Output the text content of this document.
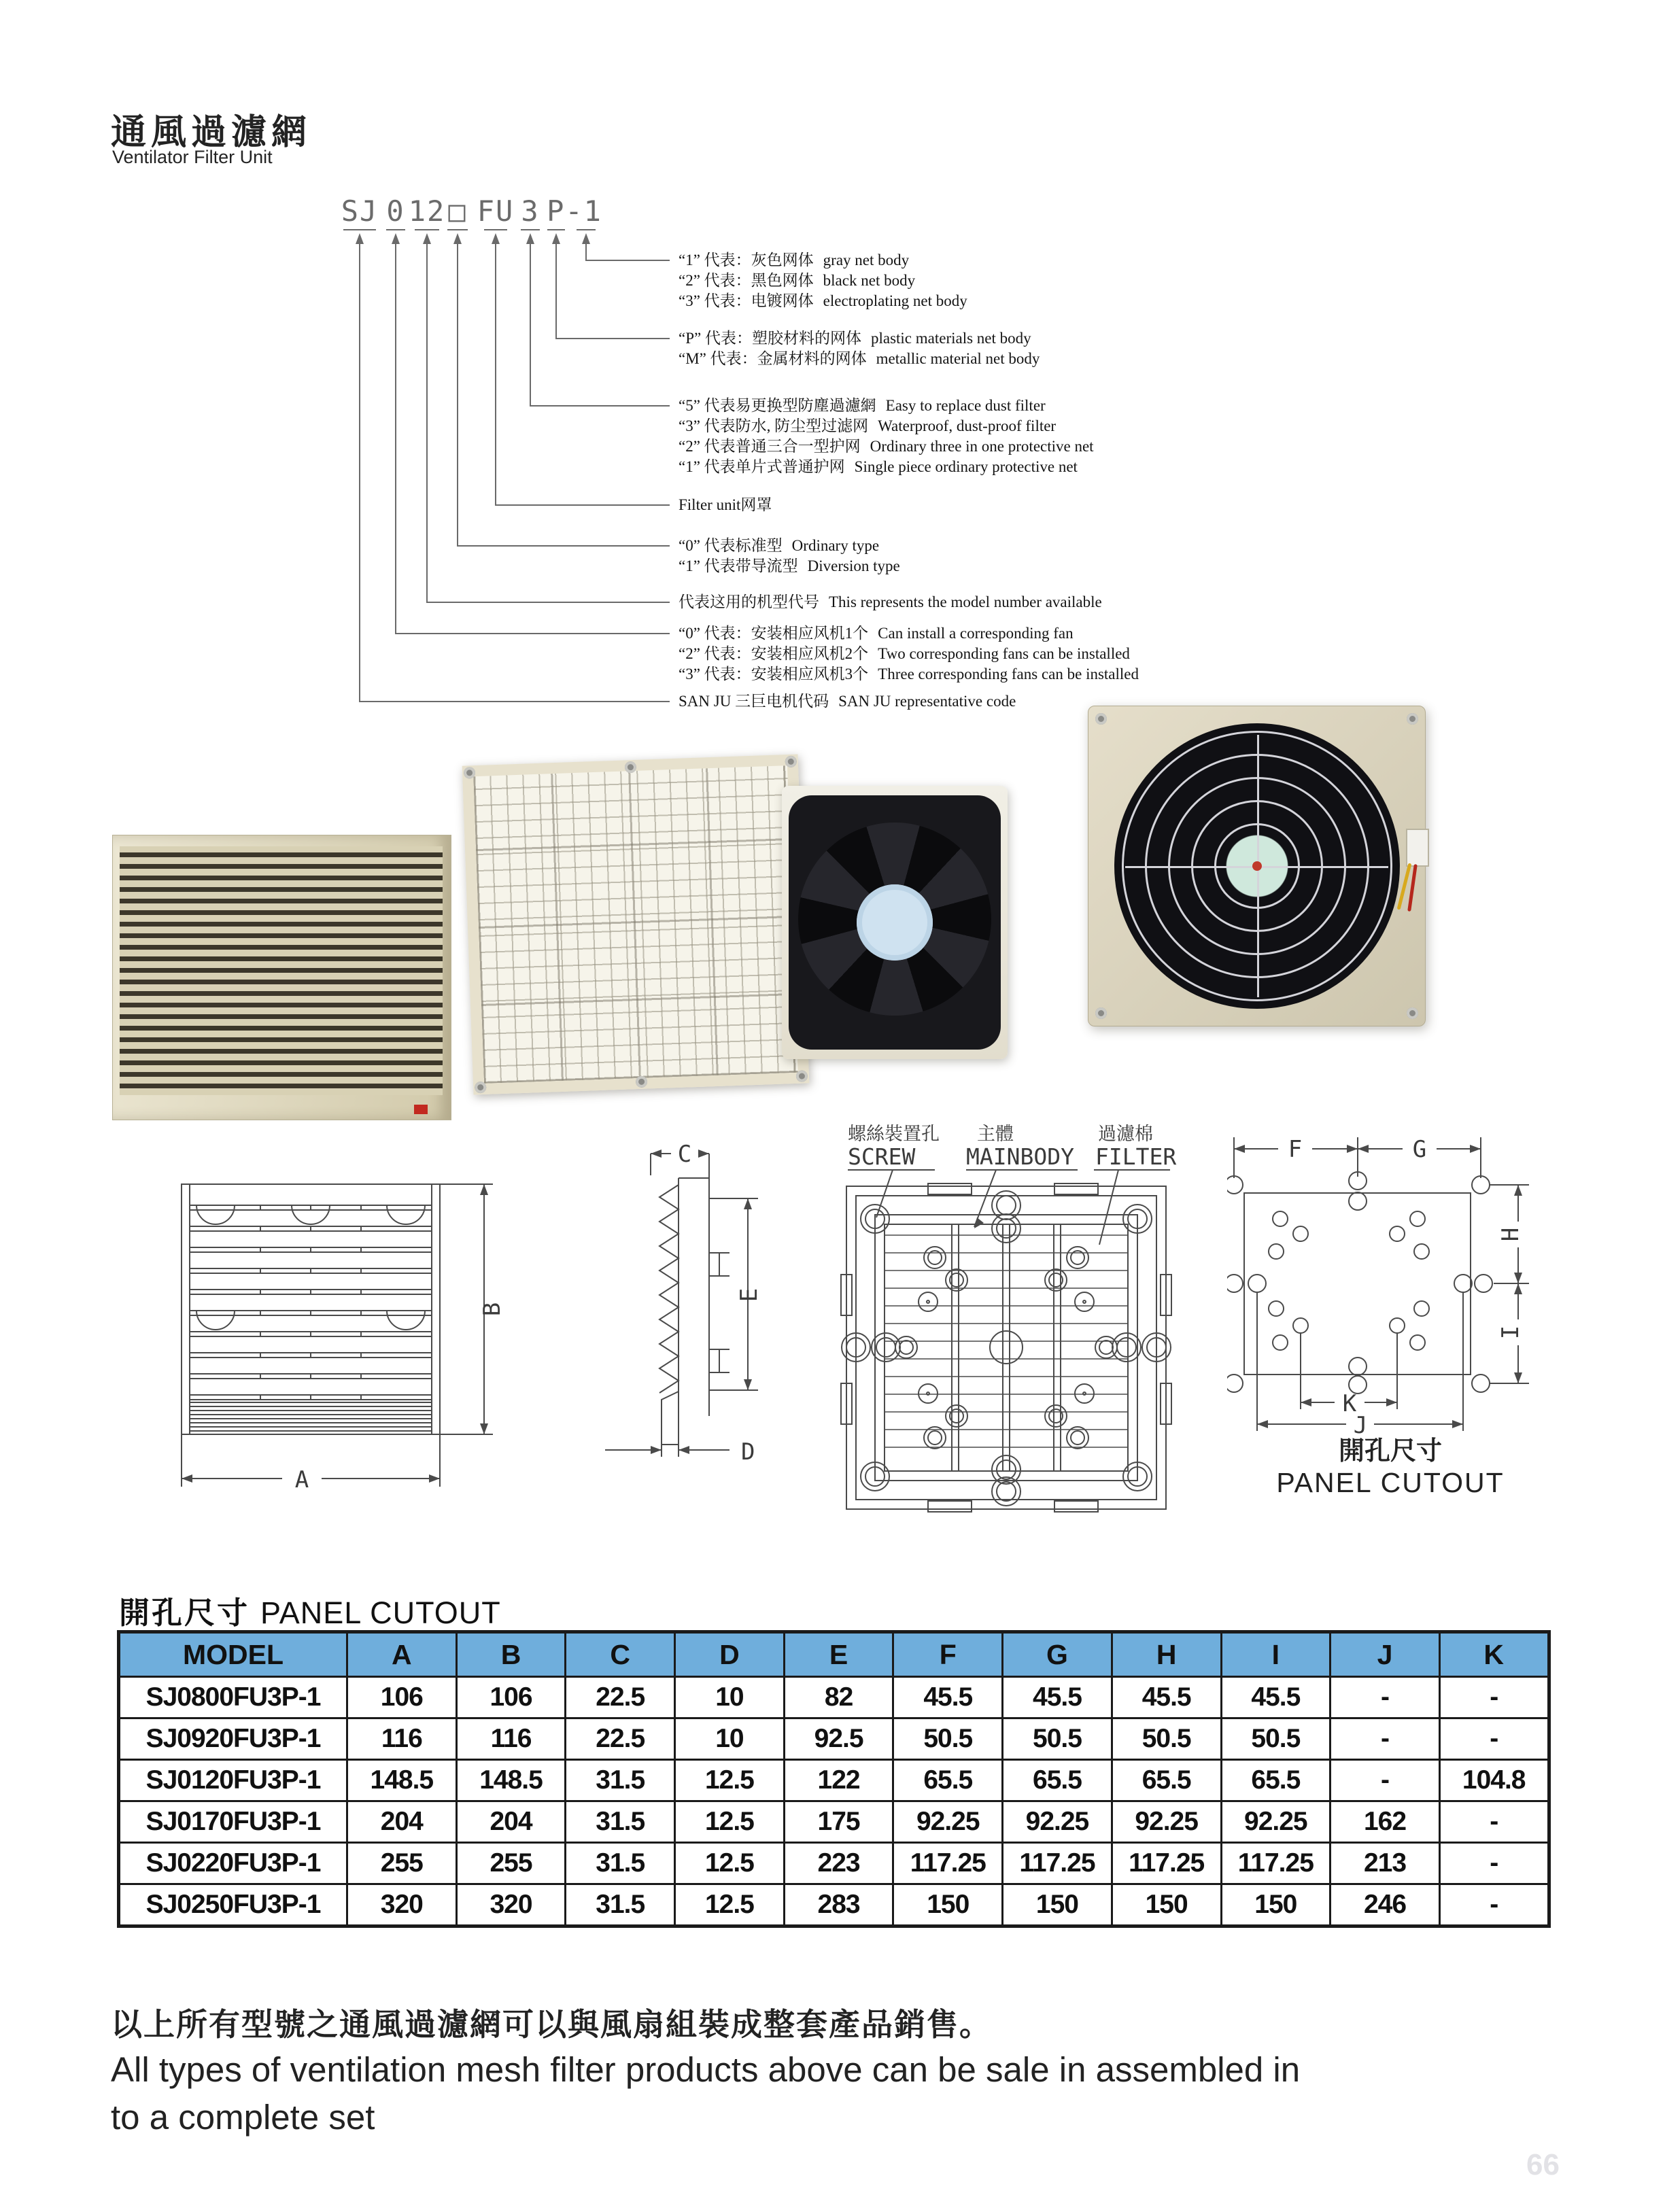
通風過濾網
Ventilator Filter Unit
A
B
C
E
D
螺絲裝置孔
SCREW
主體
MAINBODY
過濾棉
FILTER	F	G
H
I
K
J
開孔尺寸
PANEL CUTOUT
開孔尺寸 PANEL CUTOUT
MODEL	A	B	C	D	E	F	G	H	I	J	K
SJ0800FU3P-1	106	106	22.5	10	82	45.5	45.5	45.5	45.5	-	-
SJ0920FU3P-1	116	116	22.5	10	92.5	50.5	50.5	50.5	50.5	-	-
SJ0120FU3P-1	148.5	148.5	31.5	12.5	122	65.5	65.5	65.5	65.5	-	104.8
SJ0170FU3P-1	204	204	31.5	12.5	175	92.25	92.25	92.25	92.25	162	-
SJ0220FU3P-1	255	255	31.5	12.5	223	117.25	117.25	117.25	117.25	213	-
SJ0250FU3P-1	320	320	31.5	12.5	283	150	150	150	150	246	-
以上所有型號之通風過濾網可以與風扇組裝成整套產品銷售。
All types of ventilation mesh filter products above can be sale in assembled in
to a complete set
66
SJ 0 12 □ FU 3 P-1
“1” 代表：灰色网体 gray net body
“2” 代表：黑色网体 black net body
“3” 代表：电镀网体 electroplating net body
“P” 代表：塑胶材料的网体 plastic materials net body
“M” 代表：金属材料的网体 metallic material net body
“5” 代表易更换型防塵過濾網 Easy to replace dust filter
“3” 代表防水, 防尘型过滤网 Waterproof, dust-proof filter
“2” 代表普通三合一型护网 Ordinary three in one protective net
“1” 代表单片式普通护网 Single piece ordinary protective net
Filter unit网罩
“0” 代表标准型 Ordinary type
“1” 代表带导流型 Diversion type
代表这用的机型代号 This represents the model number available
“0” 代表：安装相应风机1个 Can install a corresponding fan
“2” 代表：安装相应风机2个 Two corresponding fans can be installed
“3” 代表：安装相应风机3个 Three corresponding fans can be installed
SAN JU 三巨电机代码 SAN JU representative code
